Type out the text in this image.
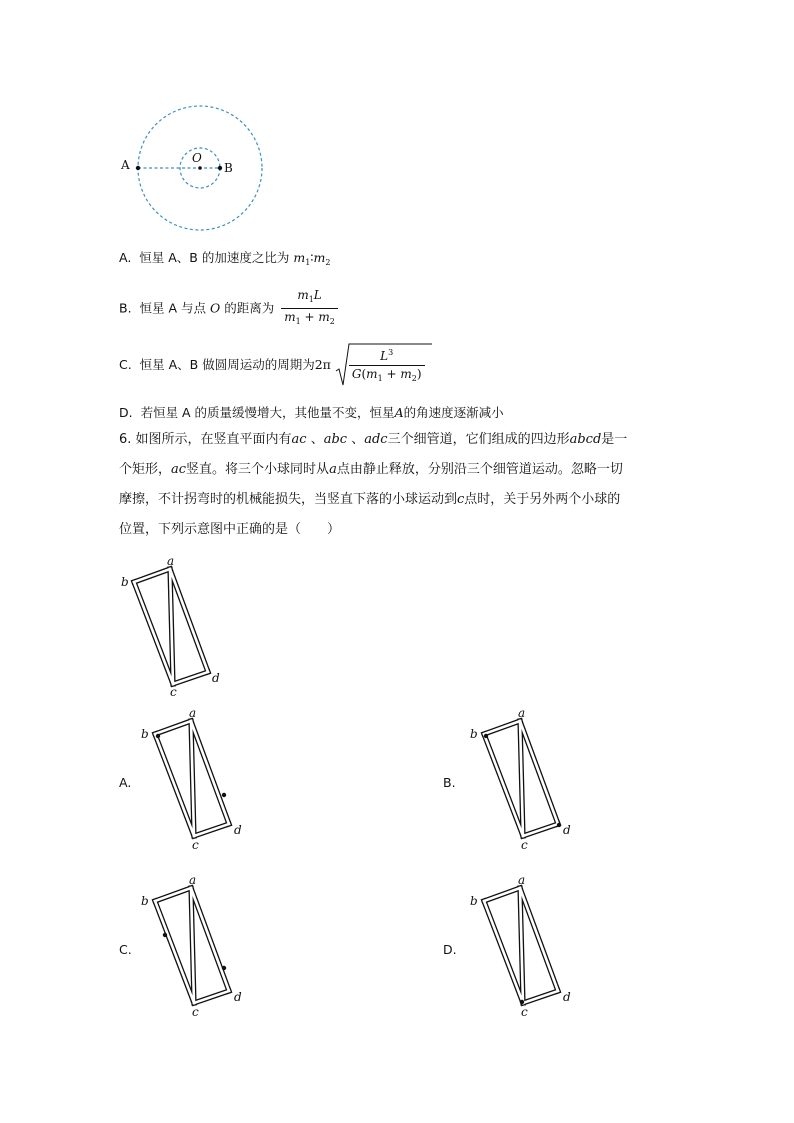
A	B
O
A. 恒星 A、B 的加速度之比为 $m_1∶m_2$
B. 恒星 A 与点 O 的距离为 $\frac{m_1L}{m_1 + m_2}$
C. 恒星 A、B 做圆周运动的周期为$2\pi \frac{L^3}{G(m_1 + m_2)}$
D. 若恒星 A 的质量缓慢增大，其他量不变，恒星A的角速度逐渐减小
6. 如图所示，在竖直平面内有ac 、abc 、adc三个细管道，它们组成的四边形abcd是一
个矩形，ac竖直。将三个小球同时从a点由静止释放，分别沿三个细管道运动。忽略一切
摩擦，不计拐弯时的机械能损失，当竖直下落的小球运动到c点时，关于另外两个小球的
位置，下列示意图中正确的是（　　）
a
b
c
d
A.
a
b
c
d
B.
a
b
c
d
C.
a
b
c
d
D.
a
b
c
d
